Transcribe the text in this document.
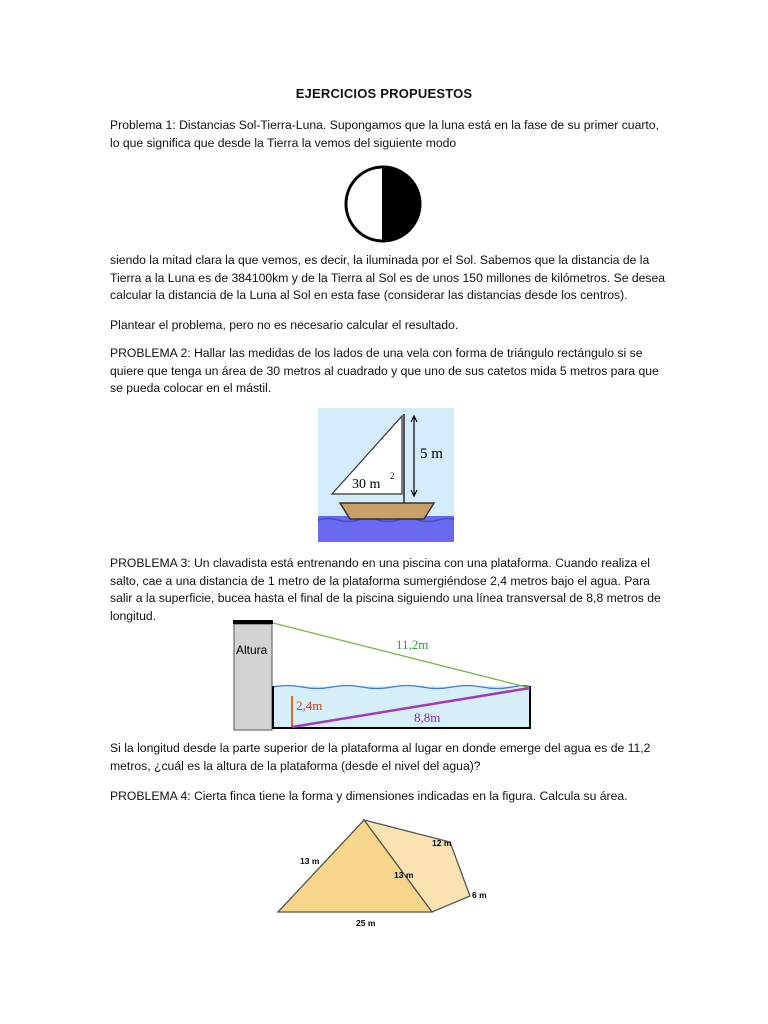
EJERCICIOS PROPUESTOS
Problema 1: Distancias Sol-Tierra-Luna. Supongamos que la luna está en la fase de su primer cuarto, lo que significa que desde la Tierra la vemos del siguiente modo
siendo la mitad clara la que vemos, es decir, la iluminada por el Sol. Sabemos que la distancia de la Tierra a la Luna es de 384100km y de la Tierra al Sol es de unos 150 millones de kilómetros. Se desea calcular la distancia de la Luna al Sol en esta fase (considerar las distancias desde los centros).
Plantear el problema, pero no es necesario calcular el resultado.
PROBLEMA 2: Hallar las medidas de los lados de una vela con forma de triángulo rectángulo si se quiere que tenga un área de 30 metros al cuadrado y que uno de sus catetos mida 5 metros para que se pueda colocar en el mástil.
5 m
30 m
2
PROBLEMA 3: Un clavadista está entrenando en una piscina con una plataforma. Cuando realiza el salto, cae a una distancia de 1 metro de la plataforma sumergiéndose 2,4 metros bajo el agua. Para salir a la superficie, bucea hasta el final de la piscina siguiendo una línea transversal de 8,8 metros de longitud.
Altura	11,2m
2,4m
8,8m
Si la longitud desde la parte superior de la plataforma al lugar en donde emerge del agua es de 11,2 metros, ¿cuál es la altura de la plataforma (desde el nivel del agua)?
PROBLEMA 4: Cierta finca tiene la forma y dimensiones indicadas en la figura. Calcula su área.
13 m
13 m
12 m
6 m
25 m
